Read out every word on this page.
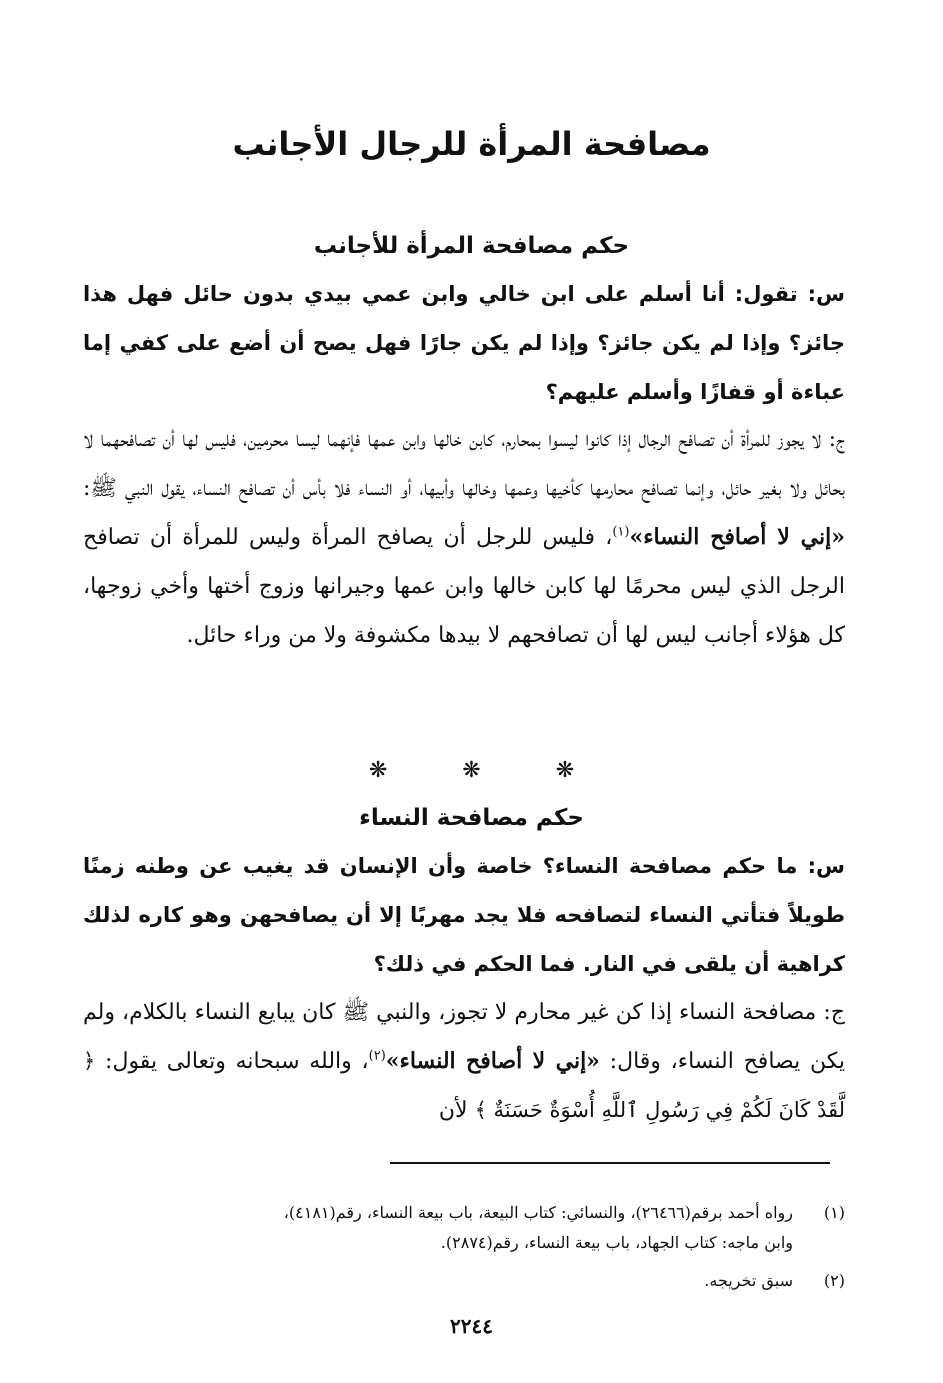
مصافحة المرأة للرجال الأجانب
حكم مصافحة المرأة للأجانب
س: تقول: أنا أسلم على ابن خالي وابن عمي بيدي بدون حائل فهل هذا جائز؟ وإذا لم يكن جائز؟ وإذا لم يكن جارًا فهل يصح أن أضع على كفي إما عباءة أو قفازًا وأسلم عليهم؟
ج: لا يجوز للمرأة أن تصافح الرجال إذا كانوا ليسوا بمحارم، كابن خالها وابن عمها فإنهما ليسا محرمين، فليس لها أن تصافحهما لا بحائل ولا بغير حائل، وإنما تصافح محارمها كأخيها وعمها وخالها وأبيها، أو النساء فلا بأس أن تصافح النساء، يقول النبي ﷺ: «إني لا أصافح النساء»$^{(١)}$، فليس للرجل أن يصافح المرأة وليس للمرأة أن تصافح الرجل الذي ليس محرمًا لها كابن خالها وابن عمها وجيرانها وزوج أختها وأخي زوجها، كل هؤلاء أجانب ليس لها أن تصافحهم لا بيدها مكشوفة ولا من وراء حائل.
❋ ❋ ❋
حكم مصافحة النساء
س: ما حكم مصافحة النساء؟ خاصة وأن الإنسان قد يغيب عن وطنه زمنًا طويلاً فتأتي النساء لتصافحه فلا يجد مهربًا إلا أن يصافحهن وهو كاره لذلك كراهية أن يلقى في النار. فما الحكم في ذلك؟
ج: مصافحة النساء إذا كن غير محارم لا تجوز، والنبي ﷺ كان يبايع النساء بالكلام، ولم يكن يصافح النساء، وقال: «إني لا أصافح النساء»$^{(٢)}$، والله سبحانه وتعالى يقول: ﴿ لَّقَدْ كَانَ لَكُمْ فِي رَسُولِ ٱللَّهِ أُسْوَةٌ حَسَنَةٌ ﴾ لأن
(١)رواه أحمد برقم(٢٦٤٦٦)، والنسائي: كتاب البيعة، باب بيعة النساء، رقم(٤١٨١)،
وابن ماجه: كتاب الجهاد، باب بيعة النساء، رقم(٢٨٧٤).
(٢)سبق تخريجه.
٢٢٤٤
